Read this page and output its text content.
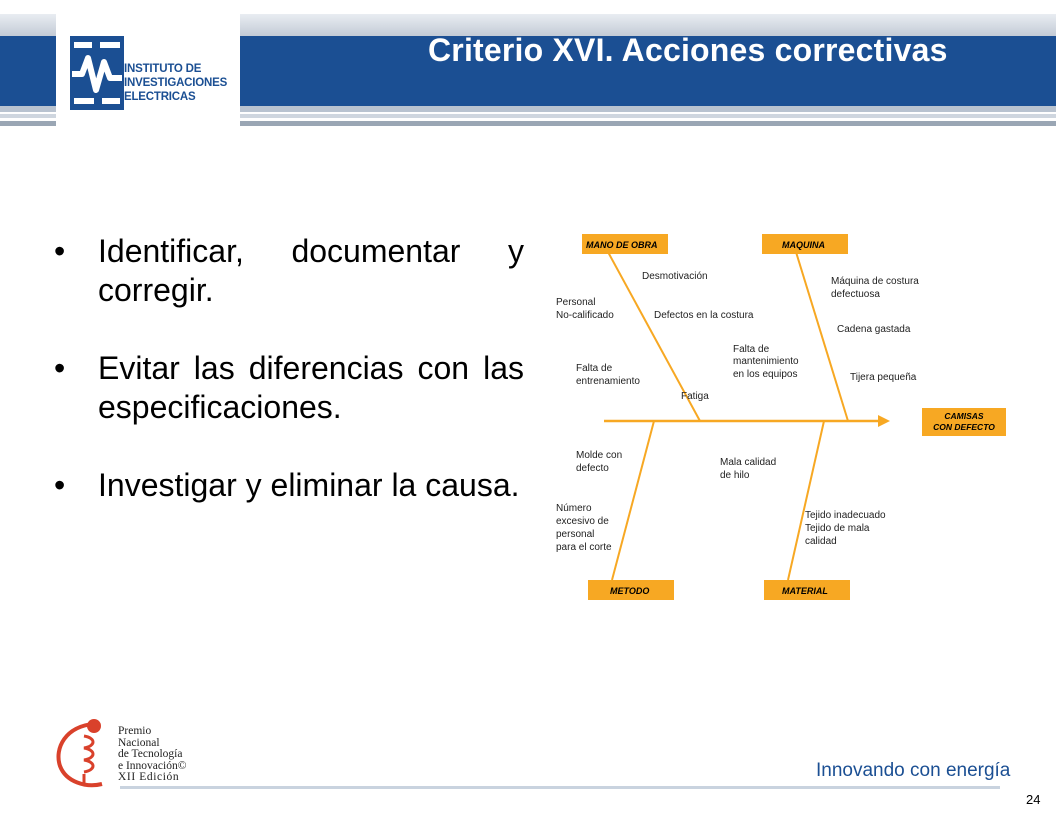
INSTITUTO DE
INVESTIGACIONES
ELECTRICAS
Criterio XVI. Acciones correctivas
• Identificar, documentar y corregir.
• Evitar las diferencias con las especificaciones.
• Investigar y eliminar la causa.
MANO DE OBRA	MAQUINA
METODO	MATERIAL
CAMISAS
CON DEFECTO
Desmotivación
Personal
No-calificado	Defectos en la costura
Falta de
entrenamiento
Fatiga
Máquina de costura
defectuosa
Cadena gastada
Falta de
mantenimiento
en los equipos	Tijera pequeña
Molde con
defecto
Número
excesivo de
personal
para el corte
Mala calidad
de hilo
Tejido inadecuado
Tejido de mala
calidad
Premio
Nacional
de Tecnología
e Innovación©
XII Edición	Innovando con energía
24
